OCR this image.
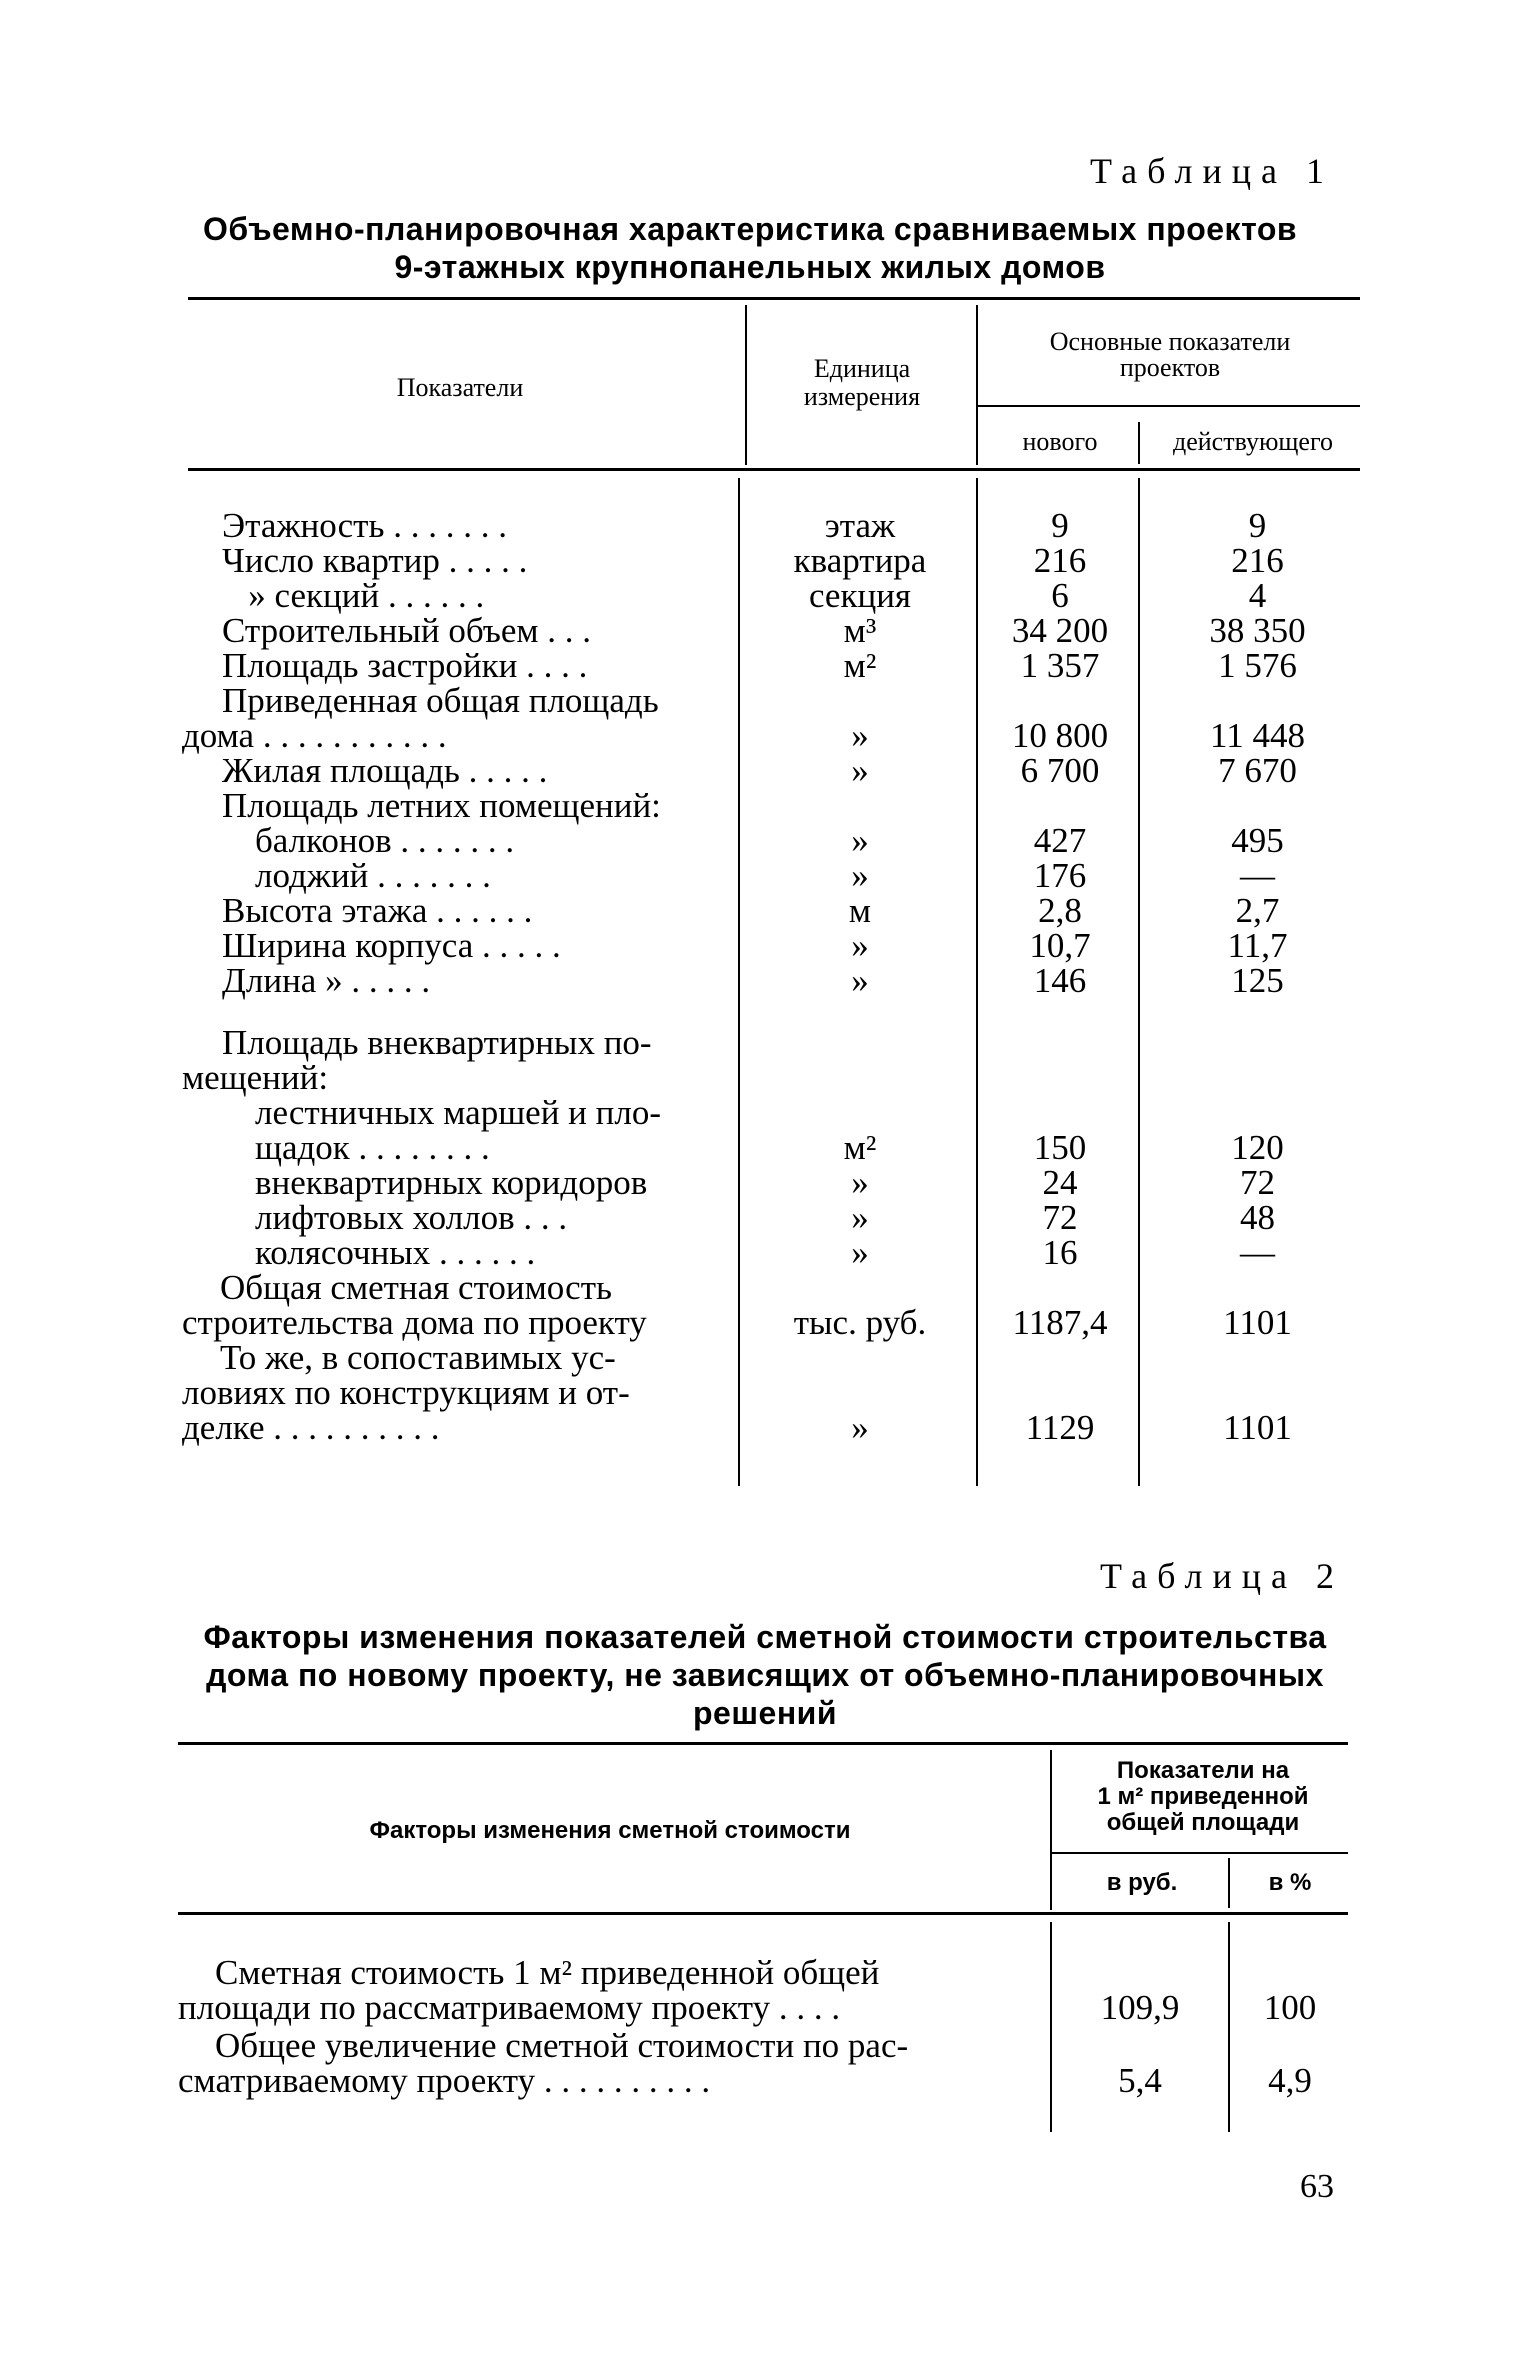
Таблица 1
Объемно-планировочная характеристика сравниваемых проектов
9-этажных крупнопанельных жилых домов
Показатели
Единица
измерения
Основные показатели
проектов
нового	действующего
Этажность . . . . . . .	этаж	9	9
Число квартир . . . . .	квартира	216	216
» секций . . . . . .	секция	6	4
Строительный объем . . .	м³	34 200	38 350
Площадь застройки . . . .	м²	1 357	1 576
Приведенная общая площадь
дома . . . . . . . . . . .	»	10 800	11 448
Жилая площадь . . . . .	»	6 700	7 670
Площадь летних помещений:
балконов . . . . . . .	»	427	495
лоджий . . . . . . .	»	176	—
Высота этажа . . . . . .	м	2,8	2,7
Ширина корпуса . . . . .	»	10,7	11,7
Длина » . . . . .	»	146	125
Площадь внеквартирных по-
мещений:
лестничных маршей и пло-
щадок . . . . . . . .	м²	150	120
внеквартирных коридоров	»	24	72
лифтовых холлов . . .	»	72	48
колясочных . . . . . .	»	16	—
Общая сметная стоимость
строительства дома по проекту	тыс. руб.	1187,4	1101
То же, в сопоставимых ус-
ловиях по конструкциям и от-
делке . . . . . . . . . .	»	1129	1101
Таблица 2
Факторы изменения показателей сметной стоимости строительства
дома по новому проекту, не зависящих от объемно-планировочных
решений
Факторы изменения сметной стоимости
Показатели на
1 м² приведенной
общей площади
в руб.	в %
Сметная стоимость 1 м² приведенной общей
площади по рассматриваемому проекту . . . .	109,9	100
Общее увеличение сметной стоимости по рас-
сматриваемому проекту . . . . . . . . . .	5,4	4,9
63
